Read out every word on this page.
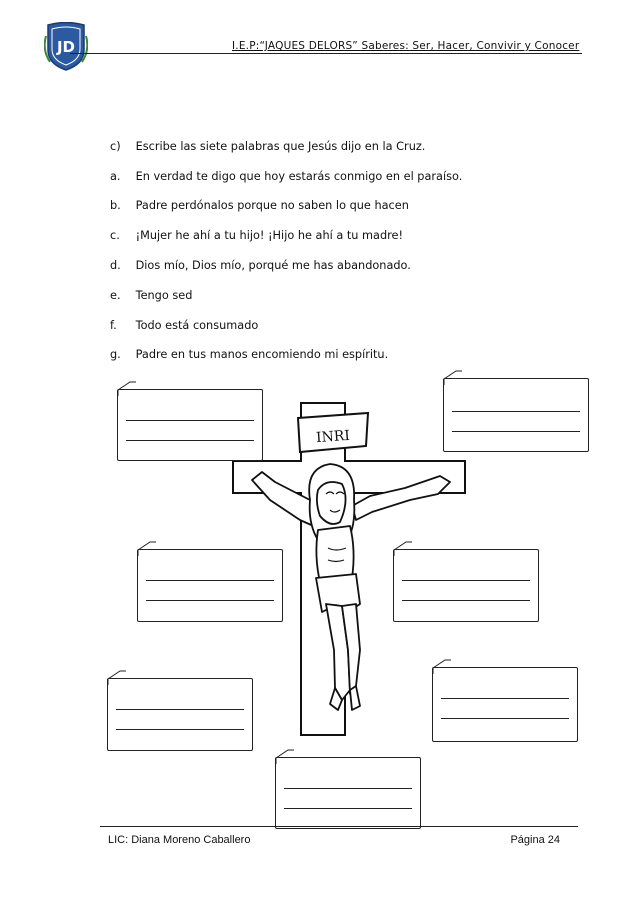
JD	I.E.P:“JAQUES DELORS” Saberes: Ser, Hacer, Convivir y Conocer
c) Escribe las siete palabras que Jesús dijo en la Cruz.
a. En verdad te digo que hoy estarás conmigo en el paraíso.
b. Padre perdónalos porque no saben lo que hacen
c. ¡Mujer he ahí a tu hijo! ¡Hijo he ahí a tu madre!
d. Dios mío, Dios mío, porqué me has abandonado.
e. Tengo sed
f. Todo está consumado
g. Padre en tus manos encomiendo mi espíritu.
INRI
LIC: Diana Moreno Caballero	Página 24
